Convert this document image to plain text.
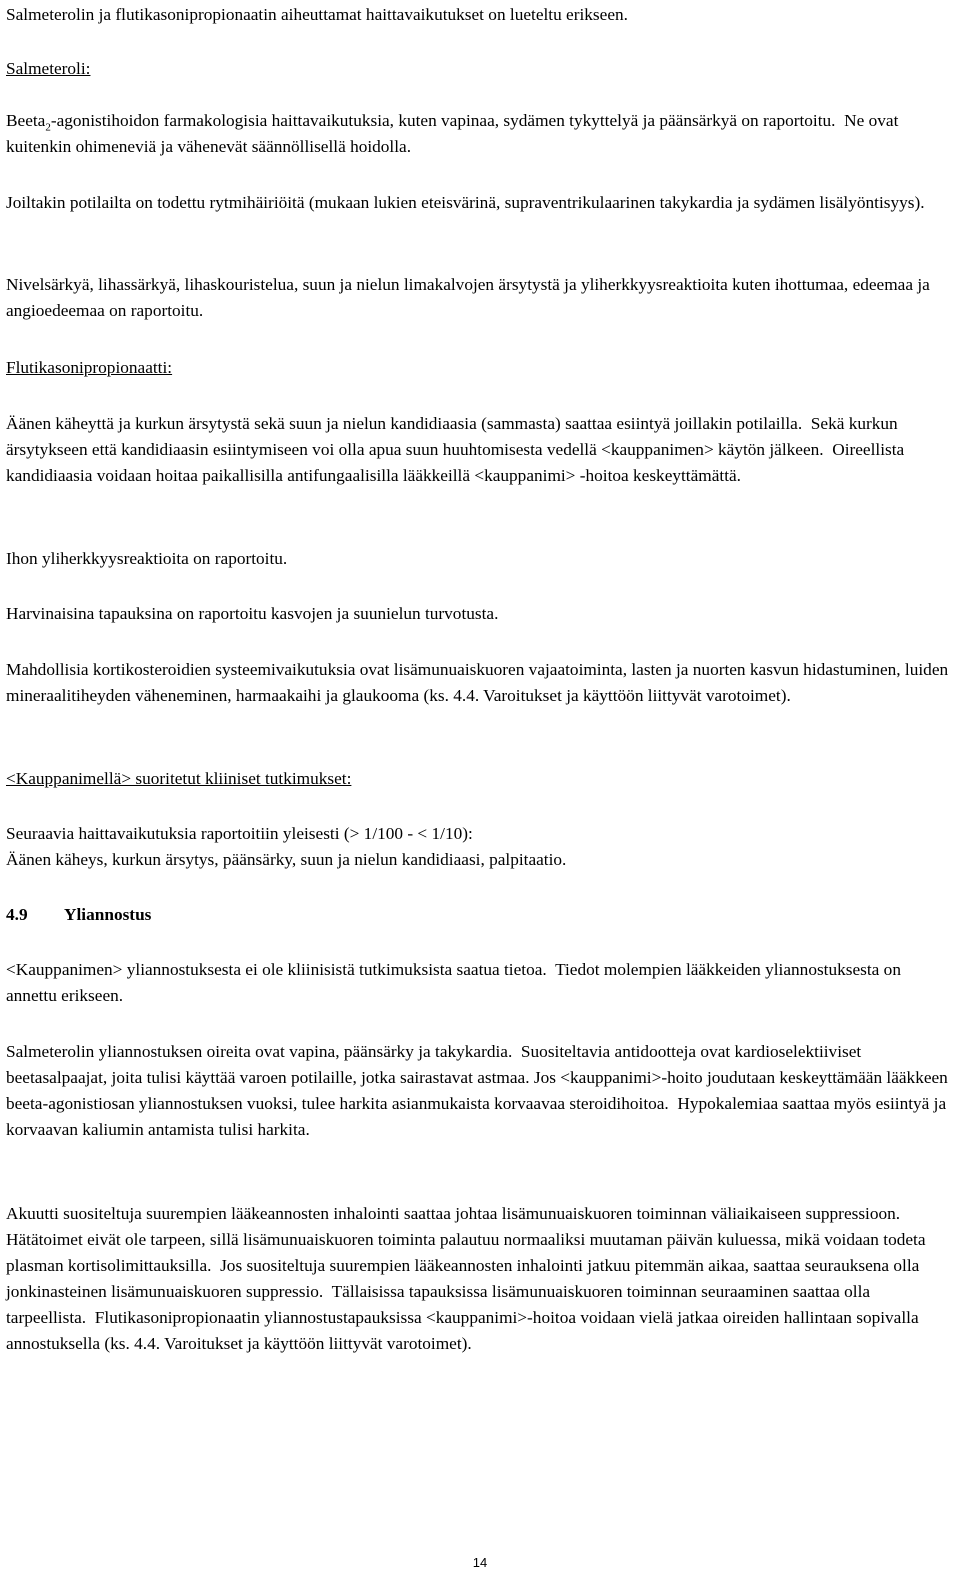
Salmeterolin ja flutikasonipropionaatin aiheuttamat haittavaikutukset on lueteltu erikseen.

Salmeteroli:

Beeta$_2$-agonistihoidon farmakologisia haittavaikutuksia, kuten vapinaa, sydämen tykyttelyä ja päänsärkyä on raportoitu. Ne ovat kuitenkin ohimeneviä ja vähenevät säännöllisellä hoidolla.

Joiltakin potilailta on todettu rytmihäiriöitä (mukaan lukien eteisvärinä, supraventrikulaarinen takykardia ja sydämen lisälyöntisyys).

Nivelsärkyä, lihassärkyä, lihaskouristelua, suun ja nielun limakalvojen ärsytystä ja yliherkkyysreaktioita kuten ihottumaa, edeemaa ja angioedeemaa on raportoitu.

Flutikasonipropionaatti:

Äänen käheyttä ja kurkun ärsytystä sekä suun ja nielun kandidiaasia (sammasta) saattaa esiintyä joillakin potilailla. Sekä kurkun ärsytykseen että kandidiaasin esiintymiseen voi olla apua suun huuhtomisesta vedellä <kauppanimen> käytön jälkeen. Oireellista kandidiaasia voidaan hoitaa paikallisilla antifungaalisilla lääkkeillä <kauppanimi> -hoitoa keskeyttämättä.

Ihon yliherkkyysreaktioita on raportoitu.

Harvinaisina tapauksina on raportoitu kasvojen ja suunielun turvotusta.

Mahdollisia kortikosteroidien systeemivaikutuksia ovat lisämunuaiskuoren vajaatoiminta, lasten ja nuorten kasvun hidastuminen, luiden mineraalitiheyden väheneminen, harmaakaihi ja glaukooma (ks. 4.4. Varoitukset ja käyttöön liittyvät varotoimet).

<Kauppanimellä> suoritetut kliiniset tutkimukset:

Seuraavia haittavaikutuksia raportoitiin yleisesti (> 1/100 - < 1/10):

Äänen käheys, kurkun ärsytys, päänsärky, suun ja nielun kandidiaasi, palpitaatio.

4.9 Yliannostus

<Kauppanimen> yliannostuksesta ei ole kliinisistä tutkimuksista saatua tietoa. Tiedot molempien lääkkeiden yliannostuksesta on annettu erikseen.

Salmeterolin yliannostuksen oireita ovat vapina, päänsärky ja takykardia. Suositeltavia antidootteja ovat kardioselektiiviset beetasalpaajat, joita tulisi käyttää varoen potilaille, jotka sairastavat astmaa. Jos <kauppanimi>-hoito joudutaan keskeyttämään lääkkeen beeta-agonistiosan yliannostuksen vuoksi, tulee harkita asianmukaista korvaavaa steroidihoitoa. Hypokalemiaa saattaa myös esiintyä ja korvaavan kaliumin antamista tulisi harkita.

Akuutti suositeltuja suurempien lääkeannosten inhalointi saattaa johtaa lisämunuaiskuoren toiminnan väliaikaiseen suppressioon.  Hätätoimet eivät ole tarpeen, sillä lisämunuaiskuoren toiminta palautuu normaaliksi muutaman päivän kuluessa, mikä voidaan todeta plasman kortisolimittauksilla. Jos suositeltuja suurempien lääkeannosten inhalointi jatkuu pitemmän aikaa, saattaa seurauksena olla jonkinasteinen lisämunuaiskuoren suppressio. Tällaisissa tapauksissa lisämunuaiskuoren toiminnan seuraaminen saattaa olla tarpeellista. Flutikasonipropionaatin yliannostustapauksissa <kauppanimi>-hoitoa voidaan vielä jatkaa oireiden hallintaan sopivalla annostuksella (ks. 4.4. Varoitukset ja käyttöön liittyvät varotoimet).

14
